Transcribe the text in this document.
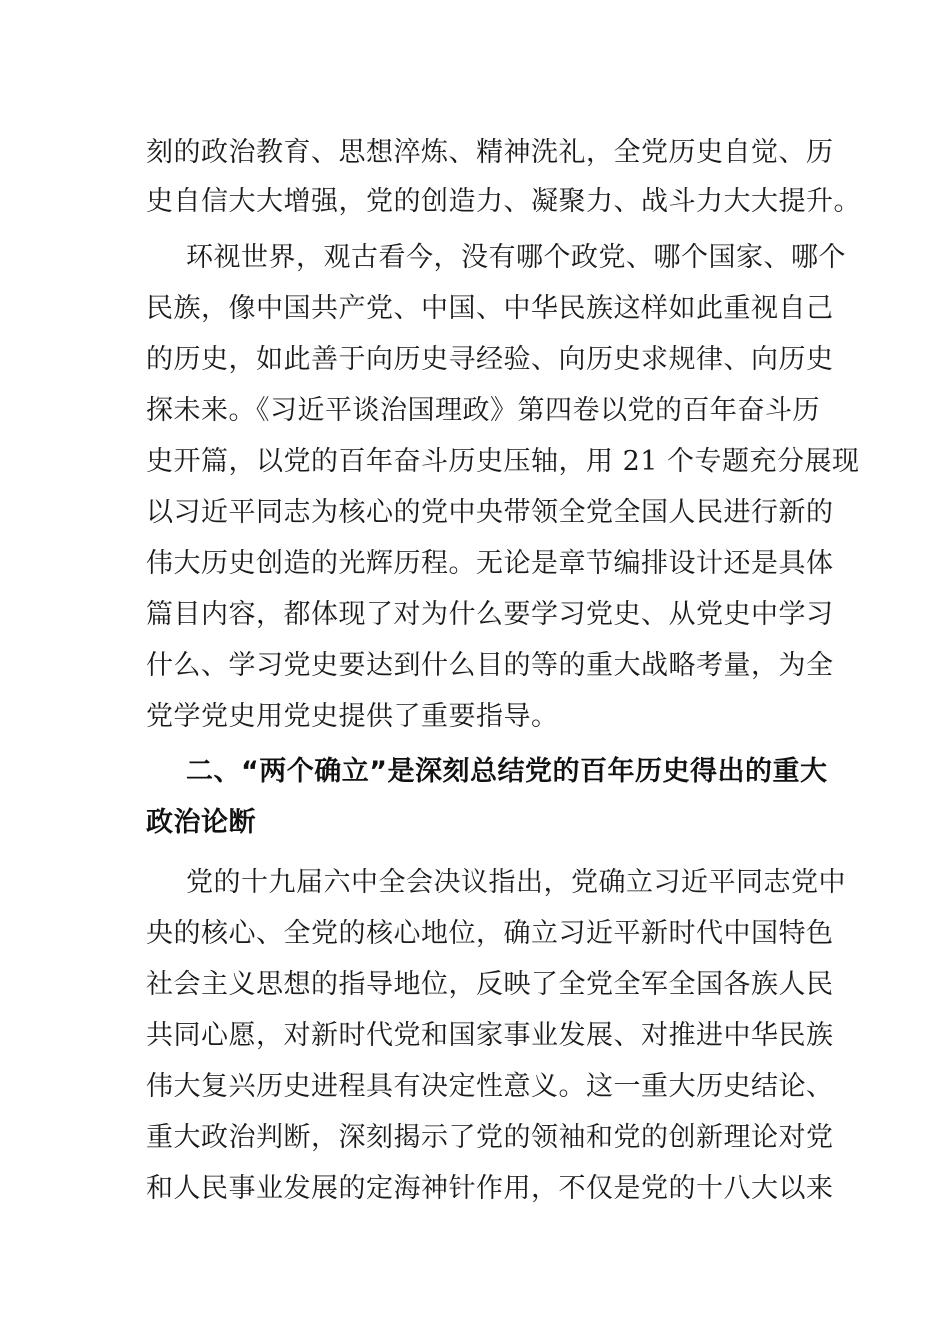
刻的政治教育、思想淬炼、精神洗礼，全党历史自觉、历
史自信大大增强，党的创造力、凝聚力、战斗力大大提升。
环视世界，观古看今，没有哪个政党、哪个国家、哪个
民族，像中国共产党、中国、中华民族这样如此重视自己
的历史，如此善于向历史寻经验、向历史求规律、向历史
探未来。《习近平谈治国理政》第四卷以党的百年奋斗历
史开篇，以党的百年奋斗历史压轴，用 21 个专题充分展现
以习近平同志为核心的党中央带领全党全国人民进行新的
伟大历史创造的光辉历程。无论是章节编排设计还是具体
篇目内容，都体现了对为什么要学习党史、从党史中学习
什么、学习党史要达到什么目的等的重大战略考量，为全
党学党史用党史提供了重要指导。
二、“两个确立”是深刻总结党的百年历史得出的重大
政治论断
党的十九届六中全会决议指出，党确立习近平同志党中
央的核心、全党的核心地位，确立习近平新时代中国特色
社会主义思想的指导地位，反映了全党全军全国各族人民
共同心愿，对新时代党和国家事业发展、对推进中华民族
伟大复兴历史进程具有决定性意义。这一重大历史结论、
重大政治判断，深刻揭示了党的领袖和党的创新理论对党
和人民事业发展的定海神针作用，不仅是党的十八大以来
